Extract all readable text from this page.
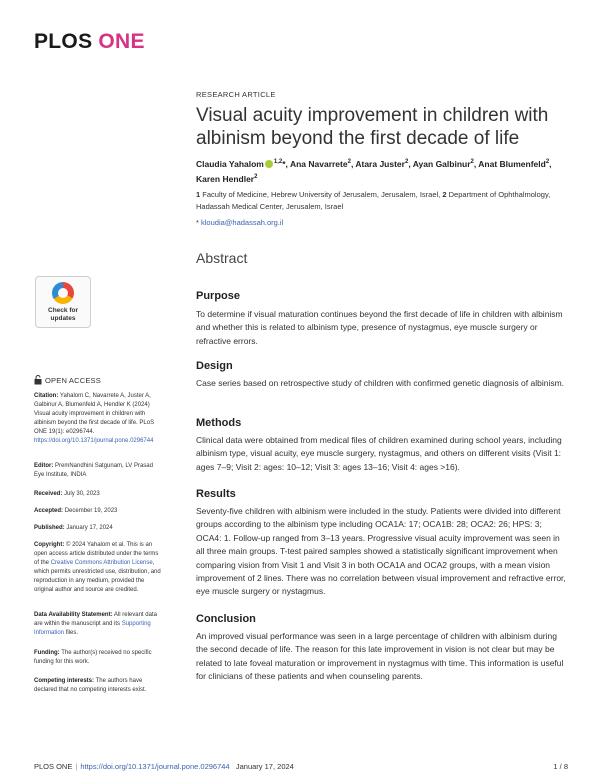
PLOS ONE
RESEARCH ARTICLE
Visual acuity improvement in children with albinism beyond the first decade of life
Claudia Yahalom $^{1,2}$*, Ana Navarrete$^2$, Atara Juster$^2$, Ayan Galbinur$^2$, Anat Blumenfeld$^2$,
Karen Hendler$^2$
1 Faculty of Medicine, Hebrew University of Jerusalem, Jerusalem, Israel, 2 Department of Ophthalmology, Hadassah Medical Center, Jerusalem, Israel
* kloudia@hadassah.org.il
Abstract
Purpose
To determine if visual maturation continues beyond the first decade of life in children with albinism and whether this is related to albinism type, presence of nystagmus, eye muscle surgery or refractive errors.
Design
Case series based on retrospective study of children with confirmed genetic diagnosis of albinism.
Methods
Clinical data were obtained from medical files of children examined during school years, including albinism type, visual acuity, eye muscle surgery, nystagmus, and others on different visits (Visit 1: ages 7–9; Visit 2: ages: 10–12; Visit 3: ages 13–16; Visit 4: ages >16).
Results
Seventy-five children with albinism were included in the study. Patients were divided into different groups according to the albinism type including OCA1A: 17; OCA1B: 28; OCA2: 26; HPS: 3; OCA4: 1. Follow-up ranged from 3–13 years. Progressive visual acuity improvement was seen in all three main groups. T-test paired samples showed a statistically significant improvement when comparing vision from Visit 1 and Visit 3 in both OCA1A and OCA2 groups, with a mean vision improvement of 2 lines. There was no correlation between visual improvement and refractive error, eye muscle surgery or nystagmus.
Conclusion
An improved visual performance was seen in a large percentage of children with albinism during the second decade of life. The reason for this late improvement in vision is not clear but may be related to late foveal maturation or improvement in nystagmus with time. This information is useful for clinicians of these patients and when counseling parents.
Check for
updates
OPEN ACCESS
Citation: Yahalom C, Navarrete A, Juster A, Galbinur A, Blumenfeld A, Hendler K (2024) Visual acuity improvement in children with albinism beyond the first decade of life. PLoS ONE 19(1): e0296744. https://doi.org/10.1371/journal.pone.0296744
Editor: PremNandhini Satgunam, LV Prasad Eye Institute, INDIA
Received: July 30, 2023
Accepted: December 19, 2023
Published: January 17, 2024
Copyright: © 2024 Yahalom et al. This is an open access article distributed under the terms of the Creative Commons Attribution License, which permits unrestricted use, distribution, and reproduction in any medium, provided the original author and source are credited.
Data Availability Statement: All relevant data are within the manuscript and its Supporting Information files.
Funding: The author(s) received no specific funding for this work.
Competing interests: The authors have declared that no competing interests exist.
PLOS ONE | https://doi.org/10.1371/journal.pone.0296744 January 17, 2024	1 / 8
